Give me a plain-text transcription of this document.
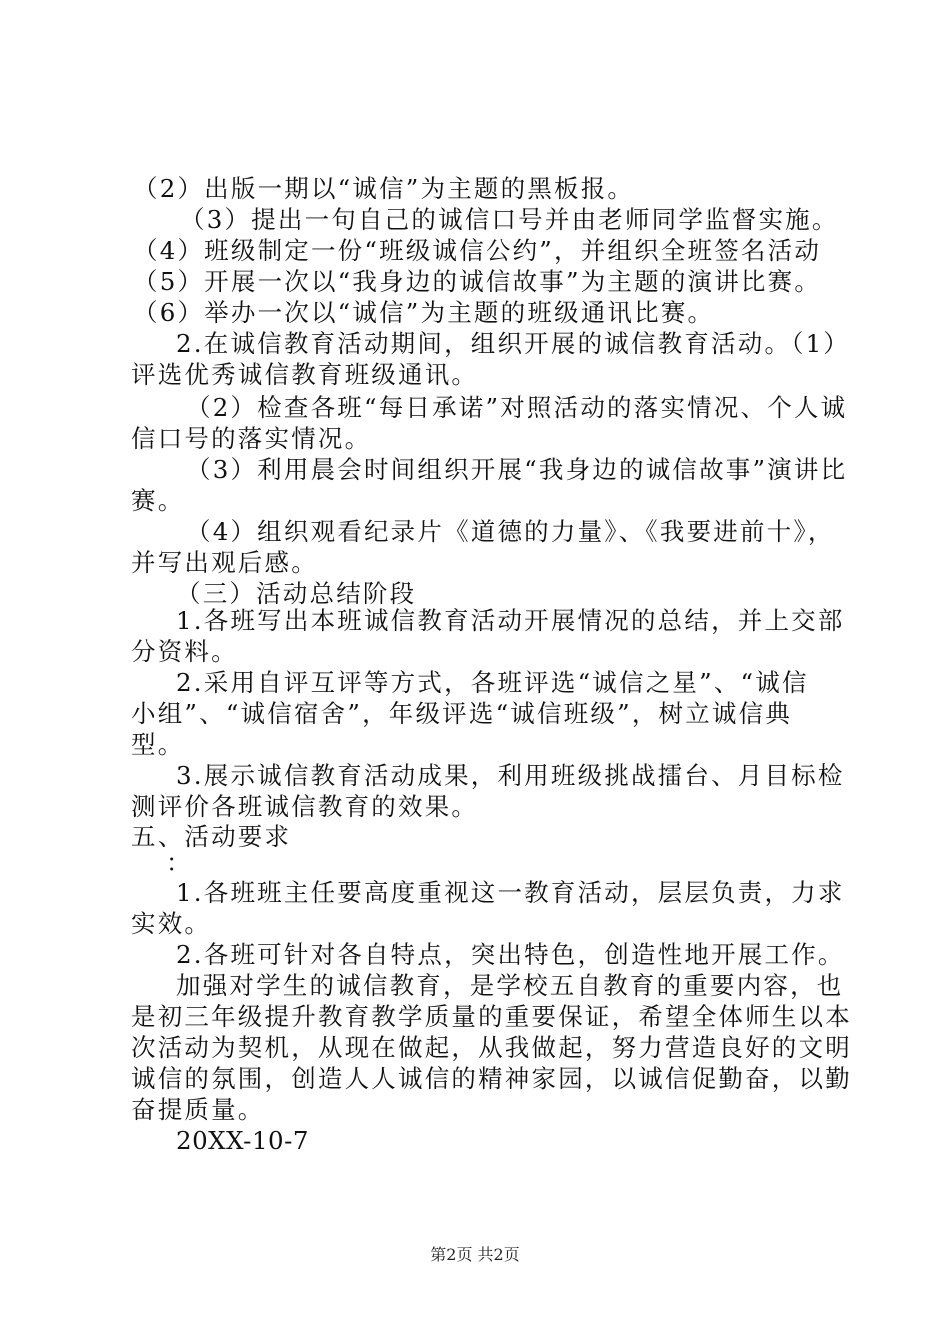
（2）出版一期以“诚信”为主题的黑板报。
（3）提出一句自己的诚信口号并由老师同学监督实施。
（4）班级制定一份“班级诚信公约”，并组织全班签名活动
（5）开展一次以“我身边的诚信故事”为主题的演讲比赛。
（6）举办一次以“诚信”为主题的班级通讯比赛。
2.在诚信教育活动期间，组织开展的诚信教育活动。（1）
评选优秀诚信教育班级通讯。
（2）检查各班“每日承诺”对照活动的落实情况、个人诚
信口号的落实情况。
（3）利用晨会时间组织开展“我身边的诚信故事”演讲比
赛。
（4）组织观看纪录片《道德的力量》、《我要进前十》，
并写出观后感。
（三）活动总结阶段
1.各班写出本班诚信教育活动开展情况的总结，并上交部
分资料。
2.采用自评互评等方式，各班评选“诚信之星”、“诚信
小组”、“诚信宿舍”，年级评选“诚信班级”，树立诚信典
型。
3.展示诚信教育活动成果，利用班级挑战擂台、月目标检
测评价各班诚信教育的效果。
五、活动要求
：
1.各班班主任要高度重视这一教育活动，层层负责，力求
实效。
2.各班可针对各自特点，突出特色，创造性地开展工作。
加强对学生的诚信教育，是学校五自教育的重要内容，也
是初三年级提升教育教学质量的重要保证，希望全体师生以本
次活动为契机，从现在做起，从我做起，努力营造良好的文明
诚信的氛围，创造人人诚信的精神家园，以诚信促勤奋，以勤
奋提质量。
20XX-10-7
第2页 共2页
